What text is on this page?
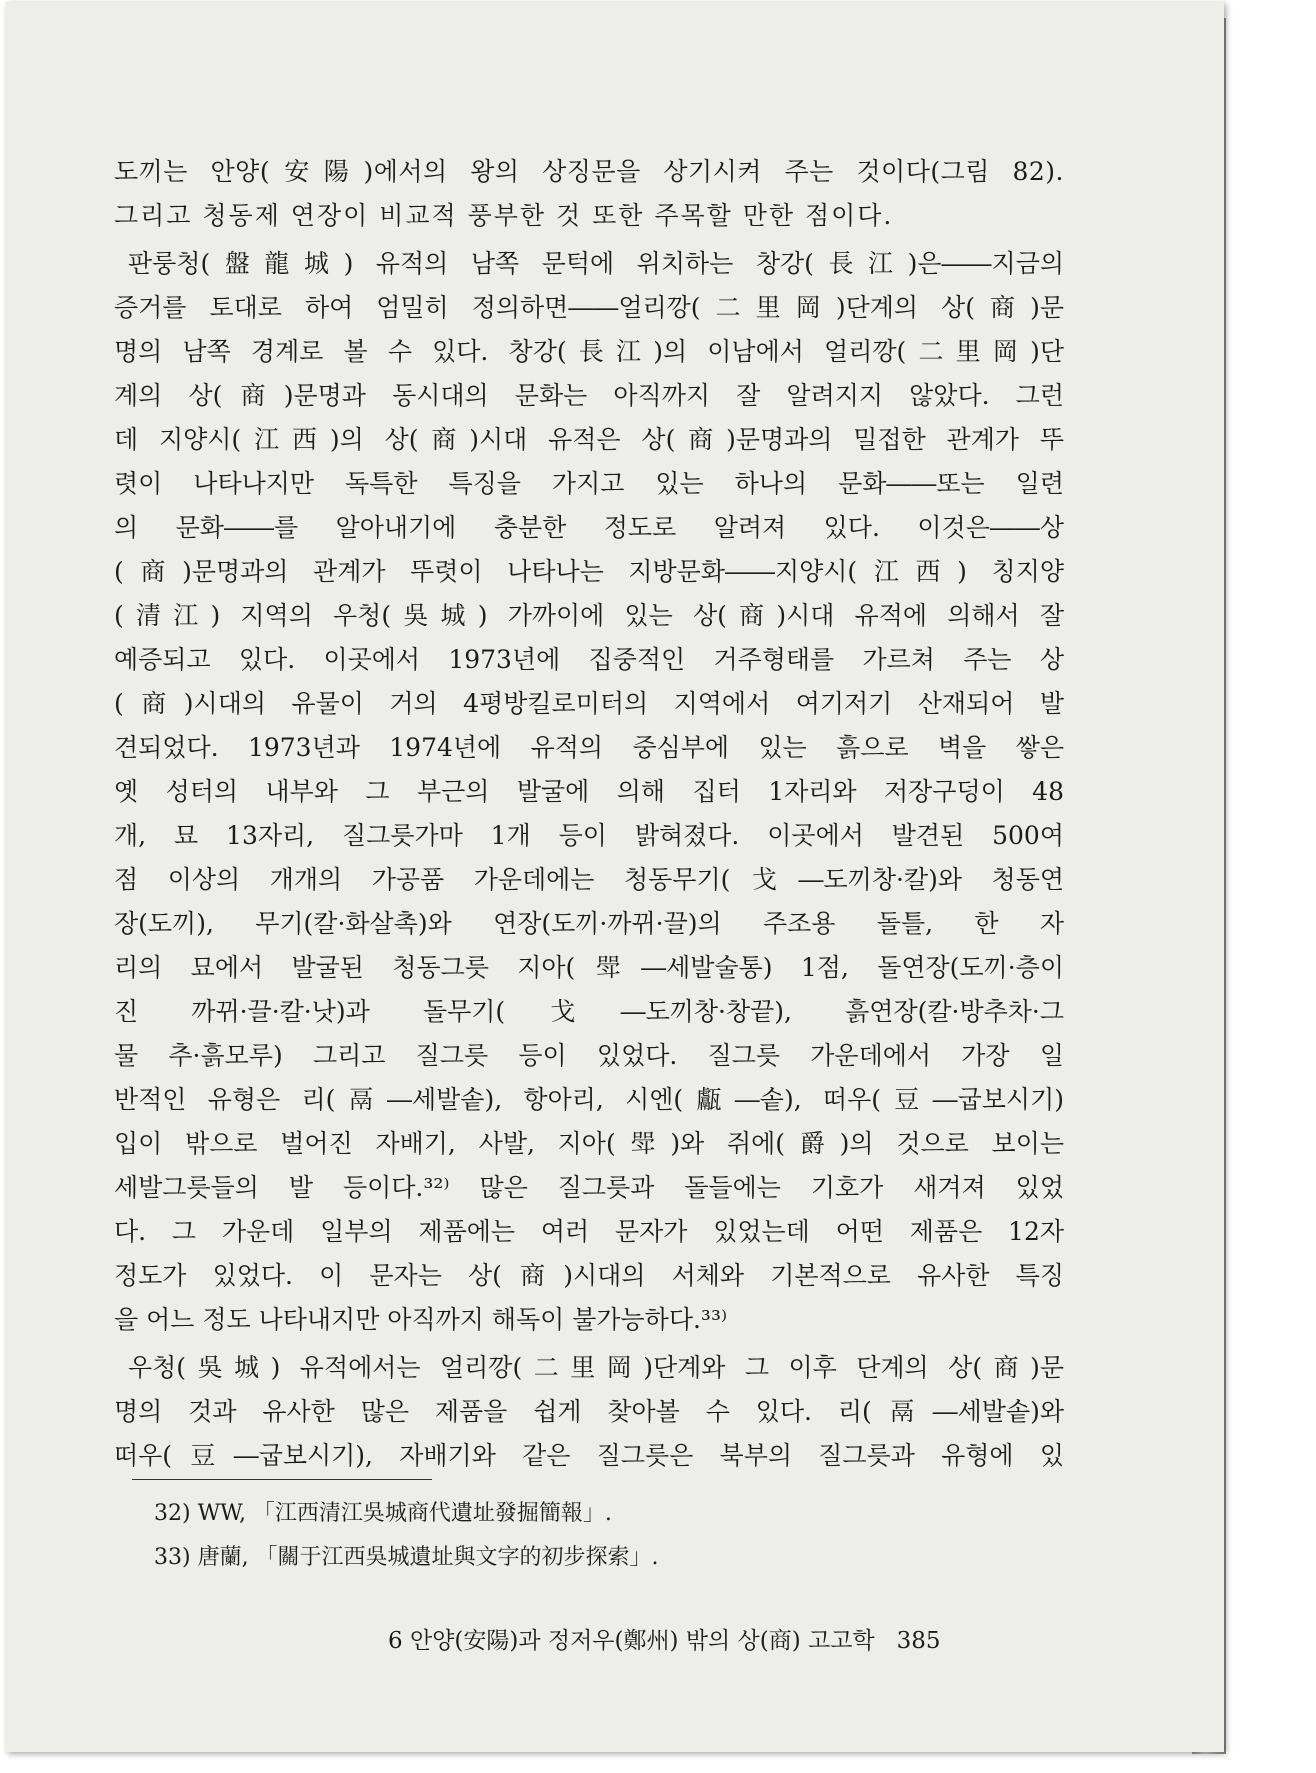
도끼는 안양(安陽)에서의 왕의 상징문을 상기시켜 주는 것이다(그림 82).
그리고 청동제 연장이 비교적 풍부한 것 또한 주목할 만한 점이다.
판룽청(盤龍城) 유적의 남쪽 문턱에 위치하는 창강(長江)은――지금의
증거를 토대로 하여 엄밀히 정의하면――얼리깡(二里岡)단계의 상(商)문
명의 남쪽 경계로 볼 수 있다. 창강(長江)의 이남에서 얼리깡(二里岡)단
계의 상(商)문명과 동시대의 문화는 아직까지 잘 알려지지 않았다. 그런
데 지양시(江西)의 상(商)시대 유적은 상(商)문명과의 밀접한 관계가 뚜
렷이 나타나지만 독특한 특징을 가지고 있는 하나의 문화――또는 일련
의 문화――를 알아내기에 충분한 정도로 알려져 있다. 이것은――상
(商)문명과의 관계가 뚜렷이 나타나는 지방문화――지양시(江西) 칭지양
(清江) 지역의 우청(吳城) 가까이에 있는 상(商)시대 유적에 의해서 잘
예증되고 있다. 이곳에서 1973년에 집중적인 거주형태를 가르쳐 주는 상
(商)시대의 유물이 거의 4평방킬로미터의 지역에서 여기저기 산재되어 발
견되었다. 1973년과 1974년에 유적의 중심부에 있는 흙으로 벽을 쌓은
옛 성터의 내부와 그 부근의 발굴에 의해 집터 1자리와 저장구덩이 48
개, 묘 13자리, 질그릇가마 1개 등이 밝혀졌다. 이곳에서 발견된 500여
점 이상의 개개의 가공품 가운데에는 청동무기(戈―도끼창·칼)와 청동연
장(도끼), 무기(칼·화살촉)와 연장(도끼·까뀌·끌)의 주조용 돌틀, 한 자
리의 묘에서 발굴된 청동그릇 지아(斝―세발술통) 1점, 돌연장(도끼·층이
진 까뀌·끌·칼·낫)과 돌무기(戈―도끼창·창끝), 흙연장(칼·방추차·그
물 추·흙모루) 그리고 질그릇 등이 있었다. 질그릇 가운데에서 가장 일
반적인 유형은 리(鬲―세발솥), 항아리, 시엔(甗―솥), 떠우(豆―굽보시기)
입이 밖으로 벌어진 자배기, 사발, 지아(斝)와 쥐에(爵)의 것으로 보이는
세발그릇들의 발 등이다.³²⁾ 많은 질그릇과 돌들에는 기호가 새겨져 있었
다. 그 가운데 일부의 제품에는 여러 문자가 있었는데 어떤 제품은 12자
정도가 있었다. 이 문자는 상(商)시대의 서체와 기본적으로 유사한 특징
을 어느 정도 나타내지만 아직까지 해독이 불가능하다.³³⁾
우청(吳城) 유적에서는 얼리깡(二里岡)단계와 그 이후 단계의 상(商)문
명의 것과 유사한 많은 제품을 쉽게 찾아볼 수 있다. 리(鬲―세발솥)와
떠우(豆―굽보시기), 자배기와 같은 질그릇은 북부의 질그릇과 유형에 있
32) WW, 「江西清江吳城商代遺址發掘簡報」.
33) 唐蘭, 「關于江西吳城遺址與文字的初步探索」.
6 안양(安陽)과 정저우(鄭州) 밖의 상(商) 고고학 385
